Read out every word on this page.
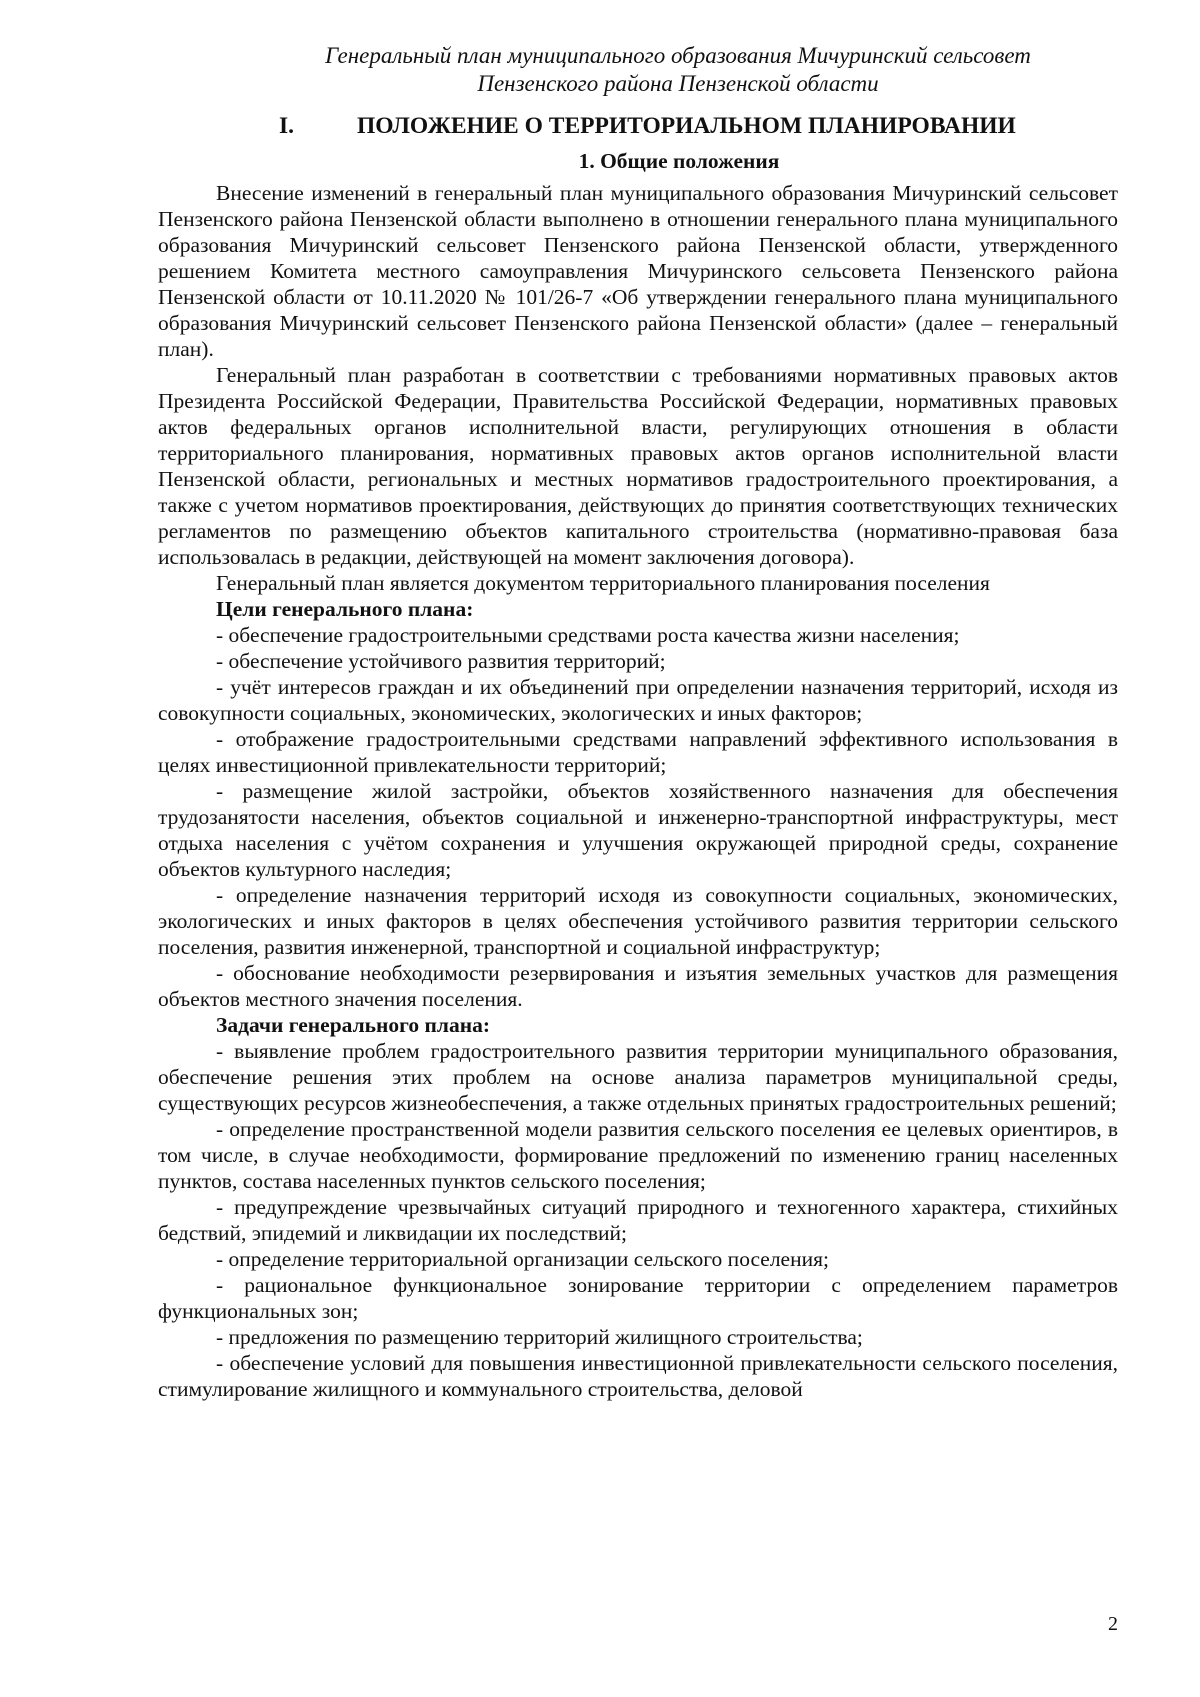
Генеральный план муниципального образования Мичуринский сельсовет
Пензенского района Пензенской области
I.	ПОЛОЖЕНИЕ О ТЕРРИТОРИАЛЬНОМ ПЛАНИРОВАНИИ
1. Общие положения

Внесение изменений в генеральный план муниципального образования Мичуринский сельсовет Пензенского района Пензенской области выполнено в отношении генерального плана муниципального образования Мичуринский сельсовет Пензенского района Пензенской области, утвержденного решением Комитета местного самоуправления Мичуринского сельсовета Пензенского района Пензенской области от 10.11.2020 № 101/26-7 «Об утверждении генерального плана муниципального образования Мичуринский сельсовет Пензенского района Пензенской области» (далее – генеральный план).

Генеральный план разработан в соответствии с требованиями нормативных правовых актов Президента Российской Федерации, Правительства Российской Федерации, нормативных правовых актов федеральных органов исполнительной власти, регулирующих отношения в области территориального планирования, нормативных правовых актов органов исполнительной власти Пензенской области, региональных и местных нормативов градостроительного проектирования, а также с учетом нормативов проектирования, действующих до принятия соответствующих технических регламентов по размещению объектов капитального строительства (нормативно-правовая база использовалась в редакции, действующей на момент заключения договора).

Генеральный план является документом территориального планирования поселения

Цели генерального плана:

- обеспечение градостроительными средствами роста качества жизни населения;

- обеспечение устойчивого развития территорий;

- учёт интересов граждан и их объединений при определении назначения территорий, исходя из совокупности социальных, экономических, экологических и иных факторов;

- отображение градостроительными средствами направлений эффективного использования в целях инвестиционной привлекательности территорий;

- размещение жилой застройки, объектов хозяйственного назначения для обеспечения трудозанятости населения, объектов социальной и инженерно-транспортной инфраструктуры, мест отдыха населения с учётом сохранения и улучшения окружающей природной среды, сохранение объектов культурного наследия;

- определение назначения территорий исходя из совокупности социальных, экономических, экологических и иных факторов в целях обеспечения устойчивого развития территории сельского поселения, развития инженерной, транспортной и социальной инфраструктур;

- обоснование необходимости резервирования и изъятия земельных участков для размещения объектов местного значения поселения.

Задачи генерального плана:

- выявление проблем градостроительного развития территории муниципального образования, обеспечение решения этих проблем на основе анализа параметров муниципальной среды, существующих ресурсов жизнеобеспечения, а также отдельных принятых градостроительных решений;

- определение пространственной модели развития сельского поселения ее целевых ориентиров, в том числе, в случае необходимости, формирование предложений по изменению границ населенных пунктов, состава населенных пунктов сельского поселения;

- предупреждение чрезвычайных ситуаций природного и техногенного характера, стихийных бедствий, эпидемий и ликвидации их последствий;

- определение территориальной организации сельского поселения;

- рациональное функциональное зонирование территории с определением параметров функциональных зон;

- предложения по размещению территорий жилищного строительства;

- обеспечение условий для повышения инвестиционной привлекательности сельского поселения, стимулирование жилищного и коммунального строительства, деловой

2
